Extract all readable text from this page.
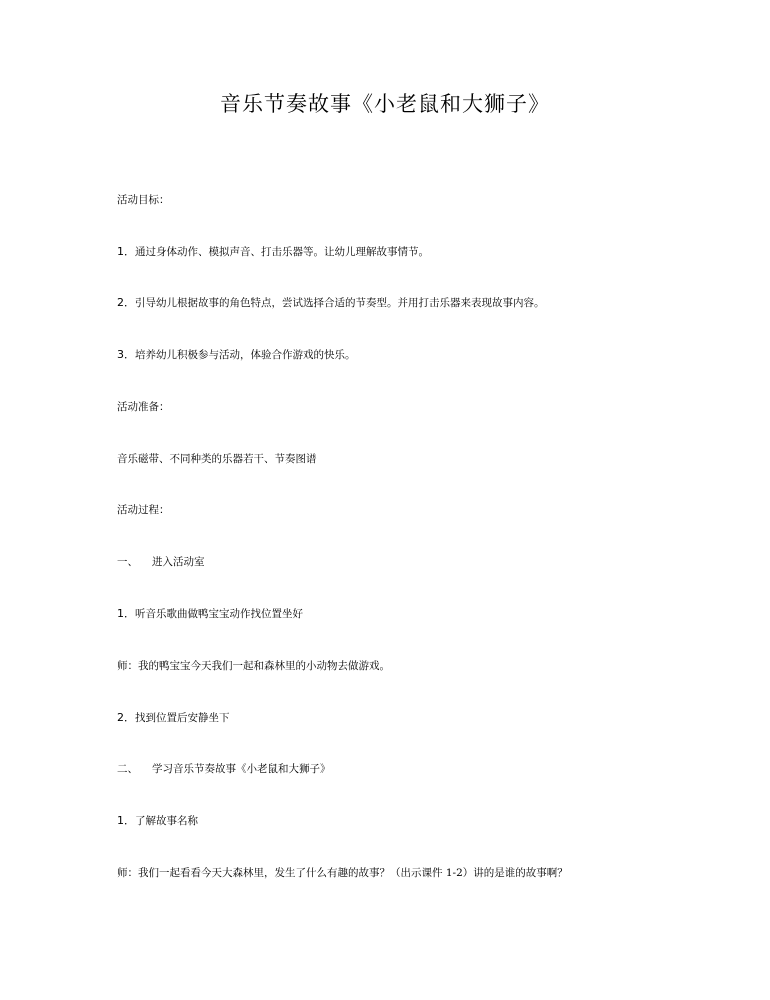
音乐节奏故事《小老鼠和大狮子》
活动目标：
1．通过身体动作、模拟声音、打击乐器等。让幼儿理解故事情节。
2．引导幼儿根据故事的角色特点，尝试选择合适的节奏型。并用打击乐器来表现故事内容。
3．培养幼儿积极参与活动，体验合作游戏的快乐。
活动准备：
音乐磁带、不同种类的乐器若干、节奏图谱
活动过程：
一、 进入活动室
1．听音乐歌曲做鸭宝宝动作找位置坐好
师：我的鸭宝宝今天我们一起和森林里的小动物去做游戏。
2．找到位置后安静坐下
二、 学习音乐节奏故事《小老鼠和大狮子》
1．了解故事名称
师：我们一起看看今天大森林里，发生了什么有趣的故事？（出示课件 1-2）讲的是谁的故事啊？
